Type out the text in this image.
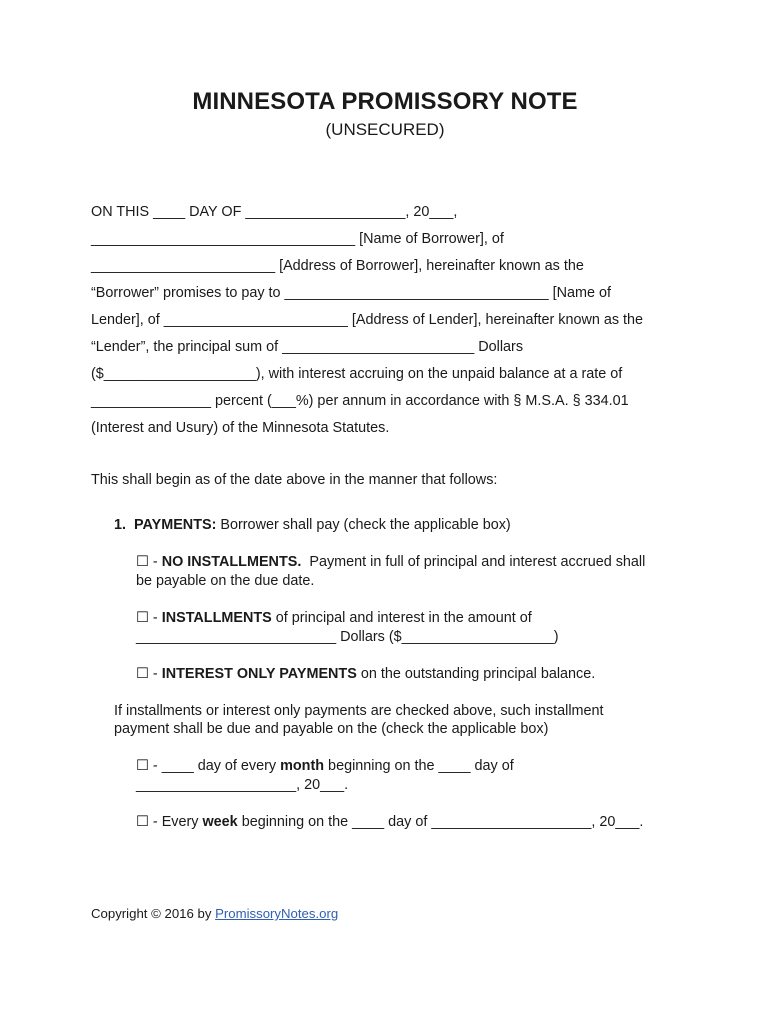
MINNESOTA PROMISSORY NOTE
(UNSECURED)
ON THIS ____ DAY OF ____________________, 20___,
_________________________________ [Name of Borrower], of
_______________________ [Address of Borrower], hereinafter known as the
“Borrower” promises to pay to _________________________________ [Name of
Lender], of _______________________ [Address of Lender], hereinafter known as the
“Lender”, the principal sum of ________________________ Dollars
($___________________), with interest accruing on the unpaid balance at a rate of
_______________ percent (___%) per annum in accordance with § M.S.A. § 334.01
(Interest and Usury) of the Minnesota Statutes.
This shall begin as of the date above in the manner that follows:
1. PAYMENTS: Borrower shall pay (check the applicable box)
☐ - NO INSTALLMENTS.  Payment in full of principal and interest accrued shall
be payable on the due date.
☐ - INSTALLMENTS of principal and interest in the amount of
_________________________ Dollars ($___________________)
☐ - INTEREST ONLY PAYMENTS on the outstanding principal balance.
If installments or interest only payments are checked above, such installment
payment shall be due and payable on the (check the applicable box)
☐ - ____ day of every month beginning on the ____ day of
____________________, 20___.
☐ - Every week beginning on the ____ day of ____________________, 20___.
Copyright © 2016 by PromissoryNotes.org
